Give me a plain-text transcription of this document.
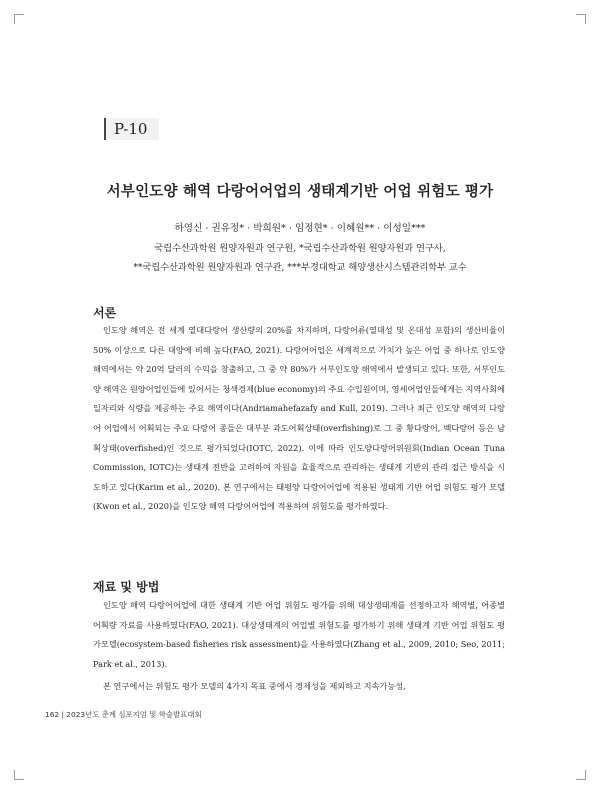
P-10
서부인도양 해역 다랑어어업의 생태계기반 어업 위험도 평가
하영신 · 권유정* · 박희원* · 임정현* · 이혜원** · 이성일***
국립수산과학원 원양자원과 연구원, *국립수산과학원 원양자원과 연구사,
**국립수산과학원 원양자원과 연구관, ***부경대학교 해양생산시스템관리학부 교수
서론

인도양 해역은 전 세계 열대다랑어 생산량의 20%를 차지하며, 다랑어류(열대성 및 온대성 포함)의 생산비율이 50% 이상으로 다른 대양에 비해 높다(FAO, 2021). 다랑어어업은 세계적으로 가치가 높은 어업 중 하나로 인도양 해역에서는 약 20억 달러의 수익을 창출하고, 그 중 약 80%가 서부인도양 해역에서 발생되고 있다. 또한, 서부인도양 해역은 원양어업인들에 있어서는 청색경제(blue economy)의 주요 수입원이며, 영세어업인들에게는 지역사회에 일자리와 식량을 제공하는 주요 해역이다(Andriamahefazafy and Kull, 2019). 그러나 최근 인도양 해역의 다랑어 어업에서 어획되는 주요 다랑어 종들은 대부분 과도어획상태(overfishing)로 그 중 황다랑어, 백다랑어 등은 남획상태(overfished)인 것으로 평가되었다(IOTC, 2022). 이에 따라 인도양다랑어위원회(Indian Ocean Tuna Commission, IOTC)는 생태계 전반을 고려하여 자원을 효율적으로 관리하는 생태계 기반의 관리 접근 방식을 시도하고 있다(Karim et al., 2020). 본 연구에서는 태평양 다랑어어업에 적용된 생태계 기반 어업 위험도 평가 모델(Kwon et al., 2020)을 인도양 해역 다랑어어업에 적용하여 위험도를 평가하였다.

재료 및 방법

인도양 해역 다랑어어업에 대한 생태계 기반 어업 위험도 평가를 위해 대상생태계를 선정하고자 해역별, 어종별 어획량 자료를 사용하였다(FAO, 2021). 대상생태계의 어업별 위험도를 평가하기 위해 생태계 기반 어업 위험도 평가모델(ecosystem-based fisheries risk assessment)을 사용하였다(Zhang et al., 2009, 2010; Seo, 2011; Park et al., 2013).

본 연구에서는 위험도 평가 모델의 4가지 목표 중에서 경제성을 제외하고 지속가능성,

162 | 2023년도 춘계 심포지엄 및 학술발표대회
